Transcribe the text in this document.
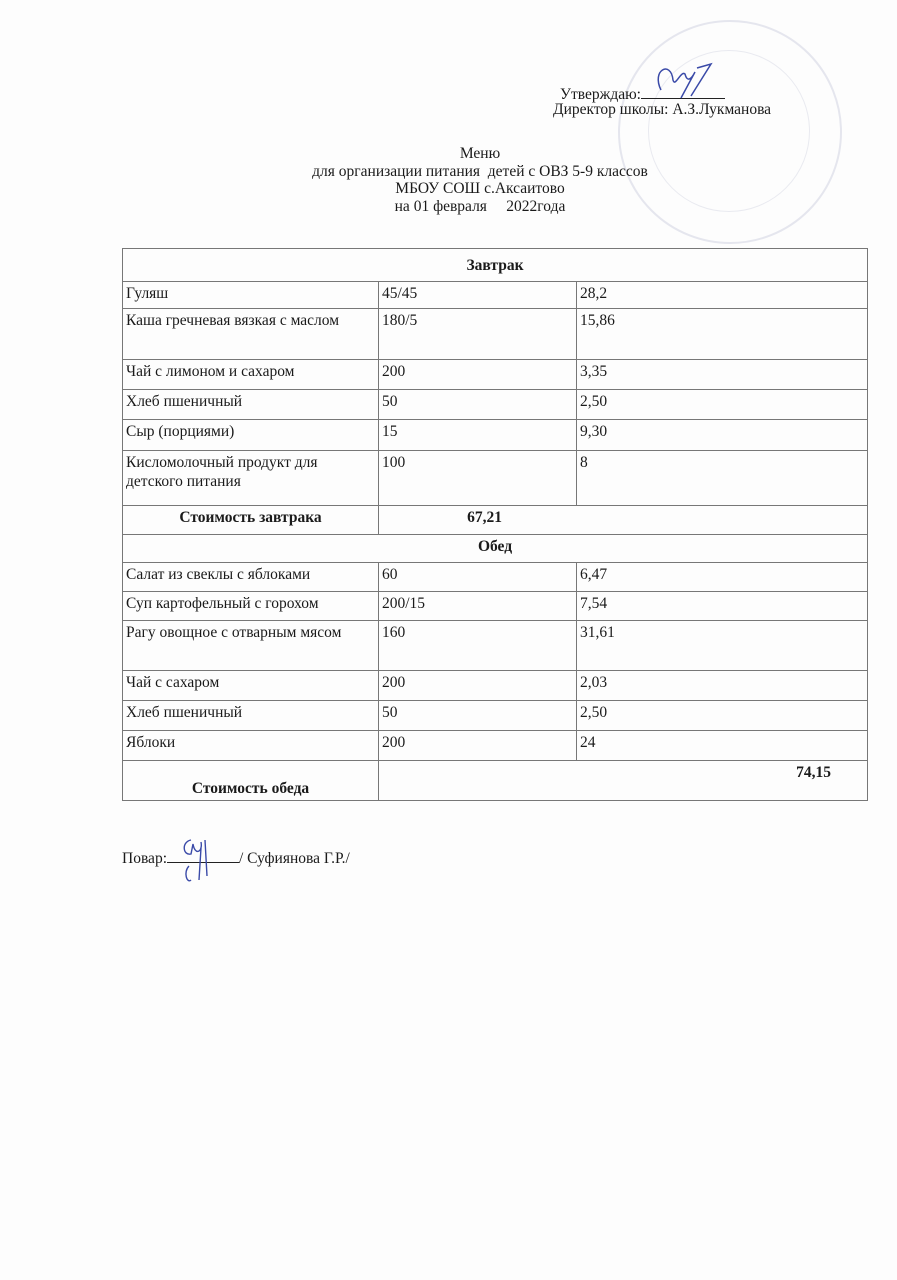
Утверждаю:
Директор школы: А.З.Лукманова
Меню
для организации питания  детей с ОВЗ 5-9 классов
МБОУ СОШ с.Аксаитово
на 01 февраля     2022года
Завтрак		
Гуляш	45/45	28,2
Каша гречневая вязкая с маслом	180/5	15,86
Чай с лимоном и сахаром	200	3,35
Хлеб пшеничный	50	2,50
Сыр (порциями)	15	9,30
Кисломолочный продукт для детского питания	100	8
Стоимость завтрака	67,21	
Обед		
Салат из свеклы с яблоками	60	6,47
Суп картофельный с горохом	200/15	7,54
Рагу овощное с отварным мясом	160	31,61
Чай с сахаром	200	2,03
Хлеб пшеничный	50	2,50
Яблоки	200	24
Стоимость обеда	74,15	
Повар:	/ Суфиянова Г.Р./
